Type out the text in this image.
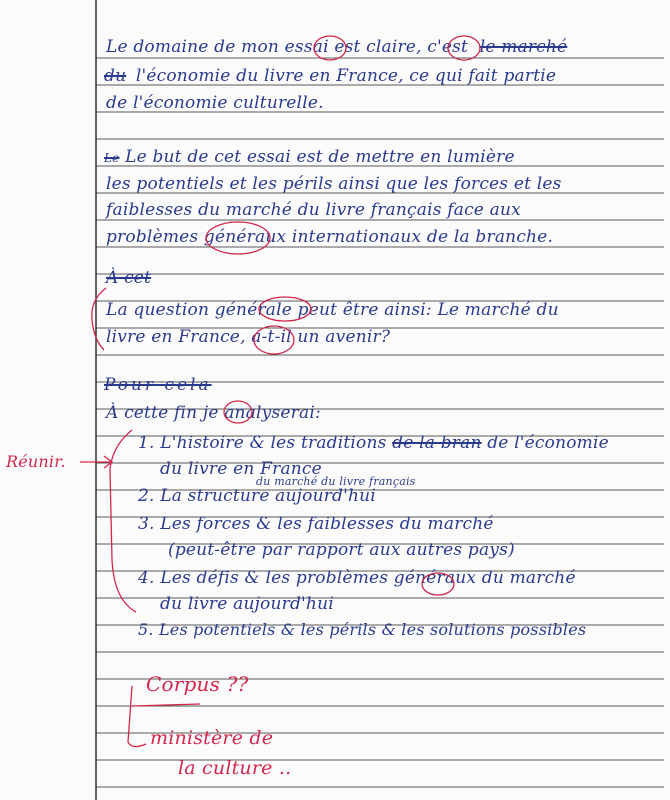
Le domaine de mon essai est claire, c'est le marché
du l'économie du livre en France, ce qui fait partie
de l'économie culturelle.
Le Le but de cet essai est de mettre en lumière
les potentiels et les périls ainsi que les forces et les
faiblesses du marché du livre français face aux
problèmes généraux internationaux de la branche.
À cet
La question générale peut être ainsi: Le marché du
livre en France, a-t-il un avenir?
Pour cela
À cette fin je analyserai:
1. L'histoire & les traditions de la bran de l'économie
du livre en France
du marché du livre français
2. La structure aujourd'hui
3. Les forces & les faiblesses du marché
(peut-être par rapport aux autres pays)
4. Les défis & les problèmes généraux du marché
du livre aujourd'hui
5. Les potentiels & les périls & les solutions possibles
Réunir.
Corpus ??
ministère de
la culture ..
